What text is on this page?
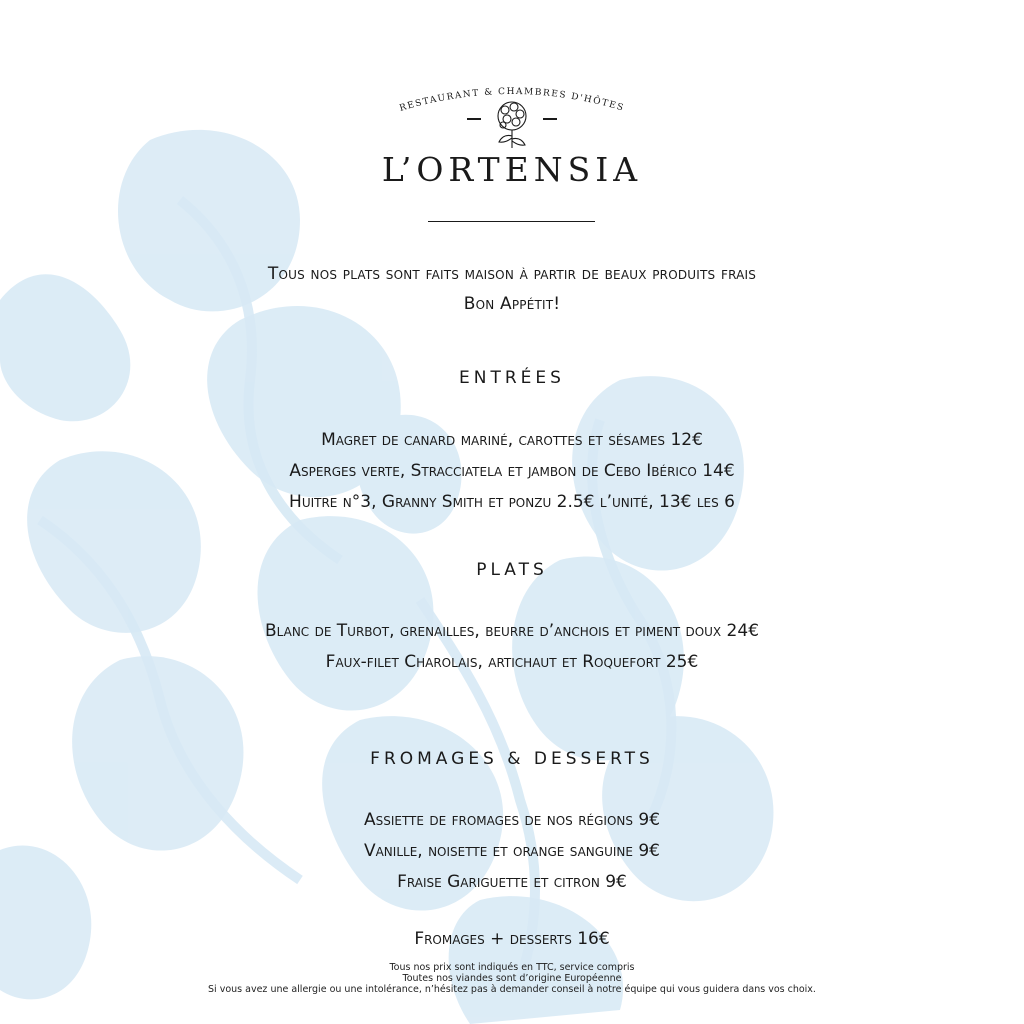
RESTAURANT & CHAMBRES D'HÔTES
L’ORTENSIA
Tous nos plats sont faits maison à partir de beaux produits frais
Bon Appétit!
ENTRÉES
Magret de canard mariné, carottes et sésames 12€
Asperges verte, Stracciatela et jambon de Cebo Ibérico 14€
Huitre n°3, Granny Smith et ponzu 2.5€ l’unité, 13€ les 6
PLATS
Blanc de Turbot, grenailles, beurre d’anchois et piment doux 24€
Faux-filet Charolais, artichaut et Roquefort 25€
FROMAGES & DESSERTS
Assiette de fromages de nos régions 9€
Vanille, noisette et orange sanguine 9€
Fraise Gariguette et citron 9€
Fromages + desserts 16€
Tous nos prix sont indiqués en TTC, service compris
Toutes nos viandes sont d’origine Européenne
Si vous avez une allergie ou une intolérance, n’hésitez pas à demander conseil à notre équipe qui vous guidera dans vos choix.
